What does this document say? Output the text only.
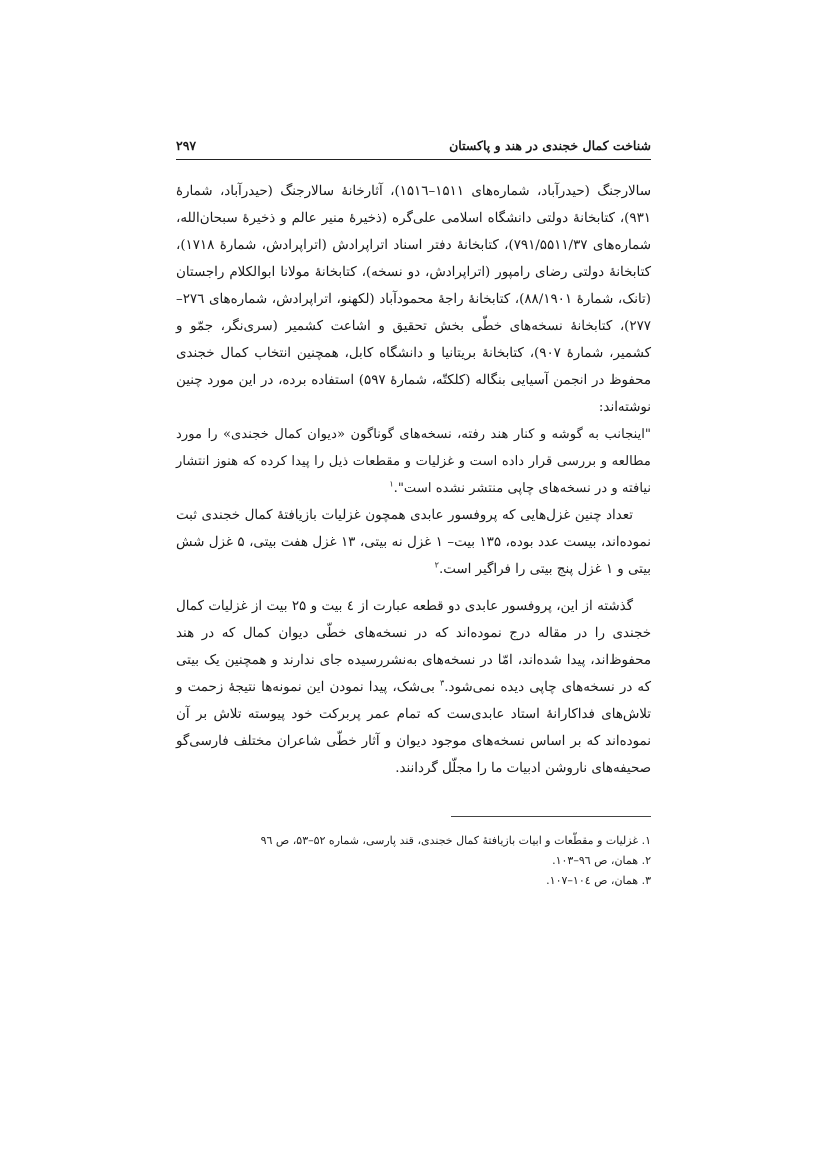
شناخت کمال خجندی در هند و پاکستان
۲۹۷

سالارجنگ (حیدرآباد، شماره‌های ۱۵۱۱–۱۵۱٦)، آثارخانهٔ سالارجنگ (حیدرآباد، شمارهٔ ۹۳۱)، کتابخانهٔ دولتی دانشگاه اسلامی علی‌گره (ذخیرهٔ منیر عالم و ذخیرهٔ سبحان‌الله، شماره‌های ۷۹۱/۵۵۱۱/۳۷)، کتابخانهٔ دفتر اسناد اتراپرادش (اتراپرادش، شمارهٔ ۱۷۱۸)، کتابخانهٔ دولتی رضای رامپور (اتراپرادش، دو نسخه)، کتابخانهٔ مولانا ابوالکلام راجستان (تانک، شمارهٔ ۸۸/۱۹۰۱)، کتابخانهٔ راجهٔ محمودآباد (لکهنو، اتراپرادش، شماره‌های ۲۷٦–۲۷۷)، کتابخانهٔ نسخه‌های خطّی بخش تحقیق و اشاعت کشمیر (سری‌نگر، جمّو و کشمیر، شمارهٔ ۹۰۷)، کتابخانهٔ بریتانیا و دانشگاه کابل، همچنین انتخاب کمال خجندی محفوظ در انجمن آسیایی بنگاله (کلکتّه، شمارهٔ ۵۹۷) استفاده برده، در این مورد چنین نوشته‌اند:

"اینجانب به گوشه و کنار هند رفته، نسخه‌های گوناگون «دیوان کمال خجندی» را مورد مطالعه و بررسی قرار داده است و غزلیات و مقطعات ذیل را پیدا کرده که هنوز انتشار نیافته و در نسخه‌های چاپی منتشر نشده است".$^۱$

تعداد چنین غزل‌هایی که پروفسور عابدی همچون غزلیات بازیافتهٔ کمال خجندی ثبت نموده‌اند، بیست عدد بوده، ۱۳۵ بیت– ۱ غزل نه بیتی، ۱۳ غزل هفت بیتی، ۵ غزل شش بیتی و ۱ غزل پنج بیتی را فراگیر است.$^۲$

گذشته از این، پروفسور عابدی دو قطعه عبارت از ٤ بیت و ۲۵ بیت از غزلیات کمال خجندی را در مقاله درج نموده‌اند که در نسخه‌های خطّی دیوان کمال که در هند محفوظ‌اند، پیدا شده‌اند، امّا در نسخه‌های به‌نشررسیده جای ندارند و همچنین یک بیتی که در نسخه‌های چاپی دیده نمی‌شود.$^۳$ بی‌شک، پیدا نمودن این نمونه‌ها نتیجهٔ زحمت و تلاش‌های فداکارانهٔ استاد عابدی‌ست که تمام عمر پربرکت خود پیوسته تلاش بر آن نموده‌اند که بر اساس نسخه‌های موجود دیوان و آثار خطّی شاعران مختلف فارسی‌گو صحیفه‌های ناروشن ادبیات ما را مجلّل گردانند.

۱. غزلیات و مقطّعات و ابیات بازیافتهٔ کمال خجندی، قند پارسی، شماره ۵۲–۵۳، ص ۹٦
۲. همان، ص ۹٦–۱۰۳.
۳. همان، ص ۱۰٤–۱۰۷.
